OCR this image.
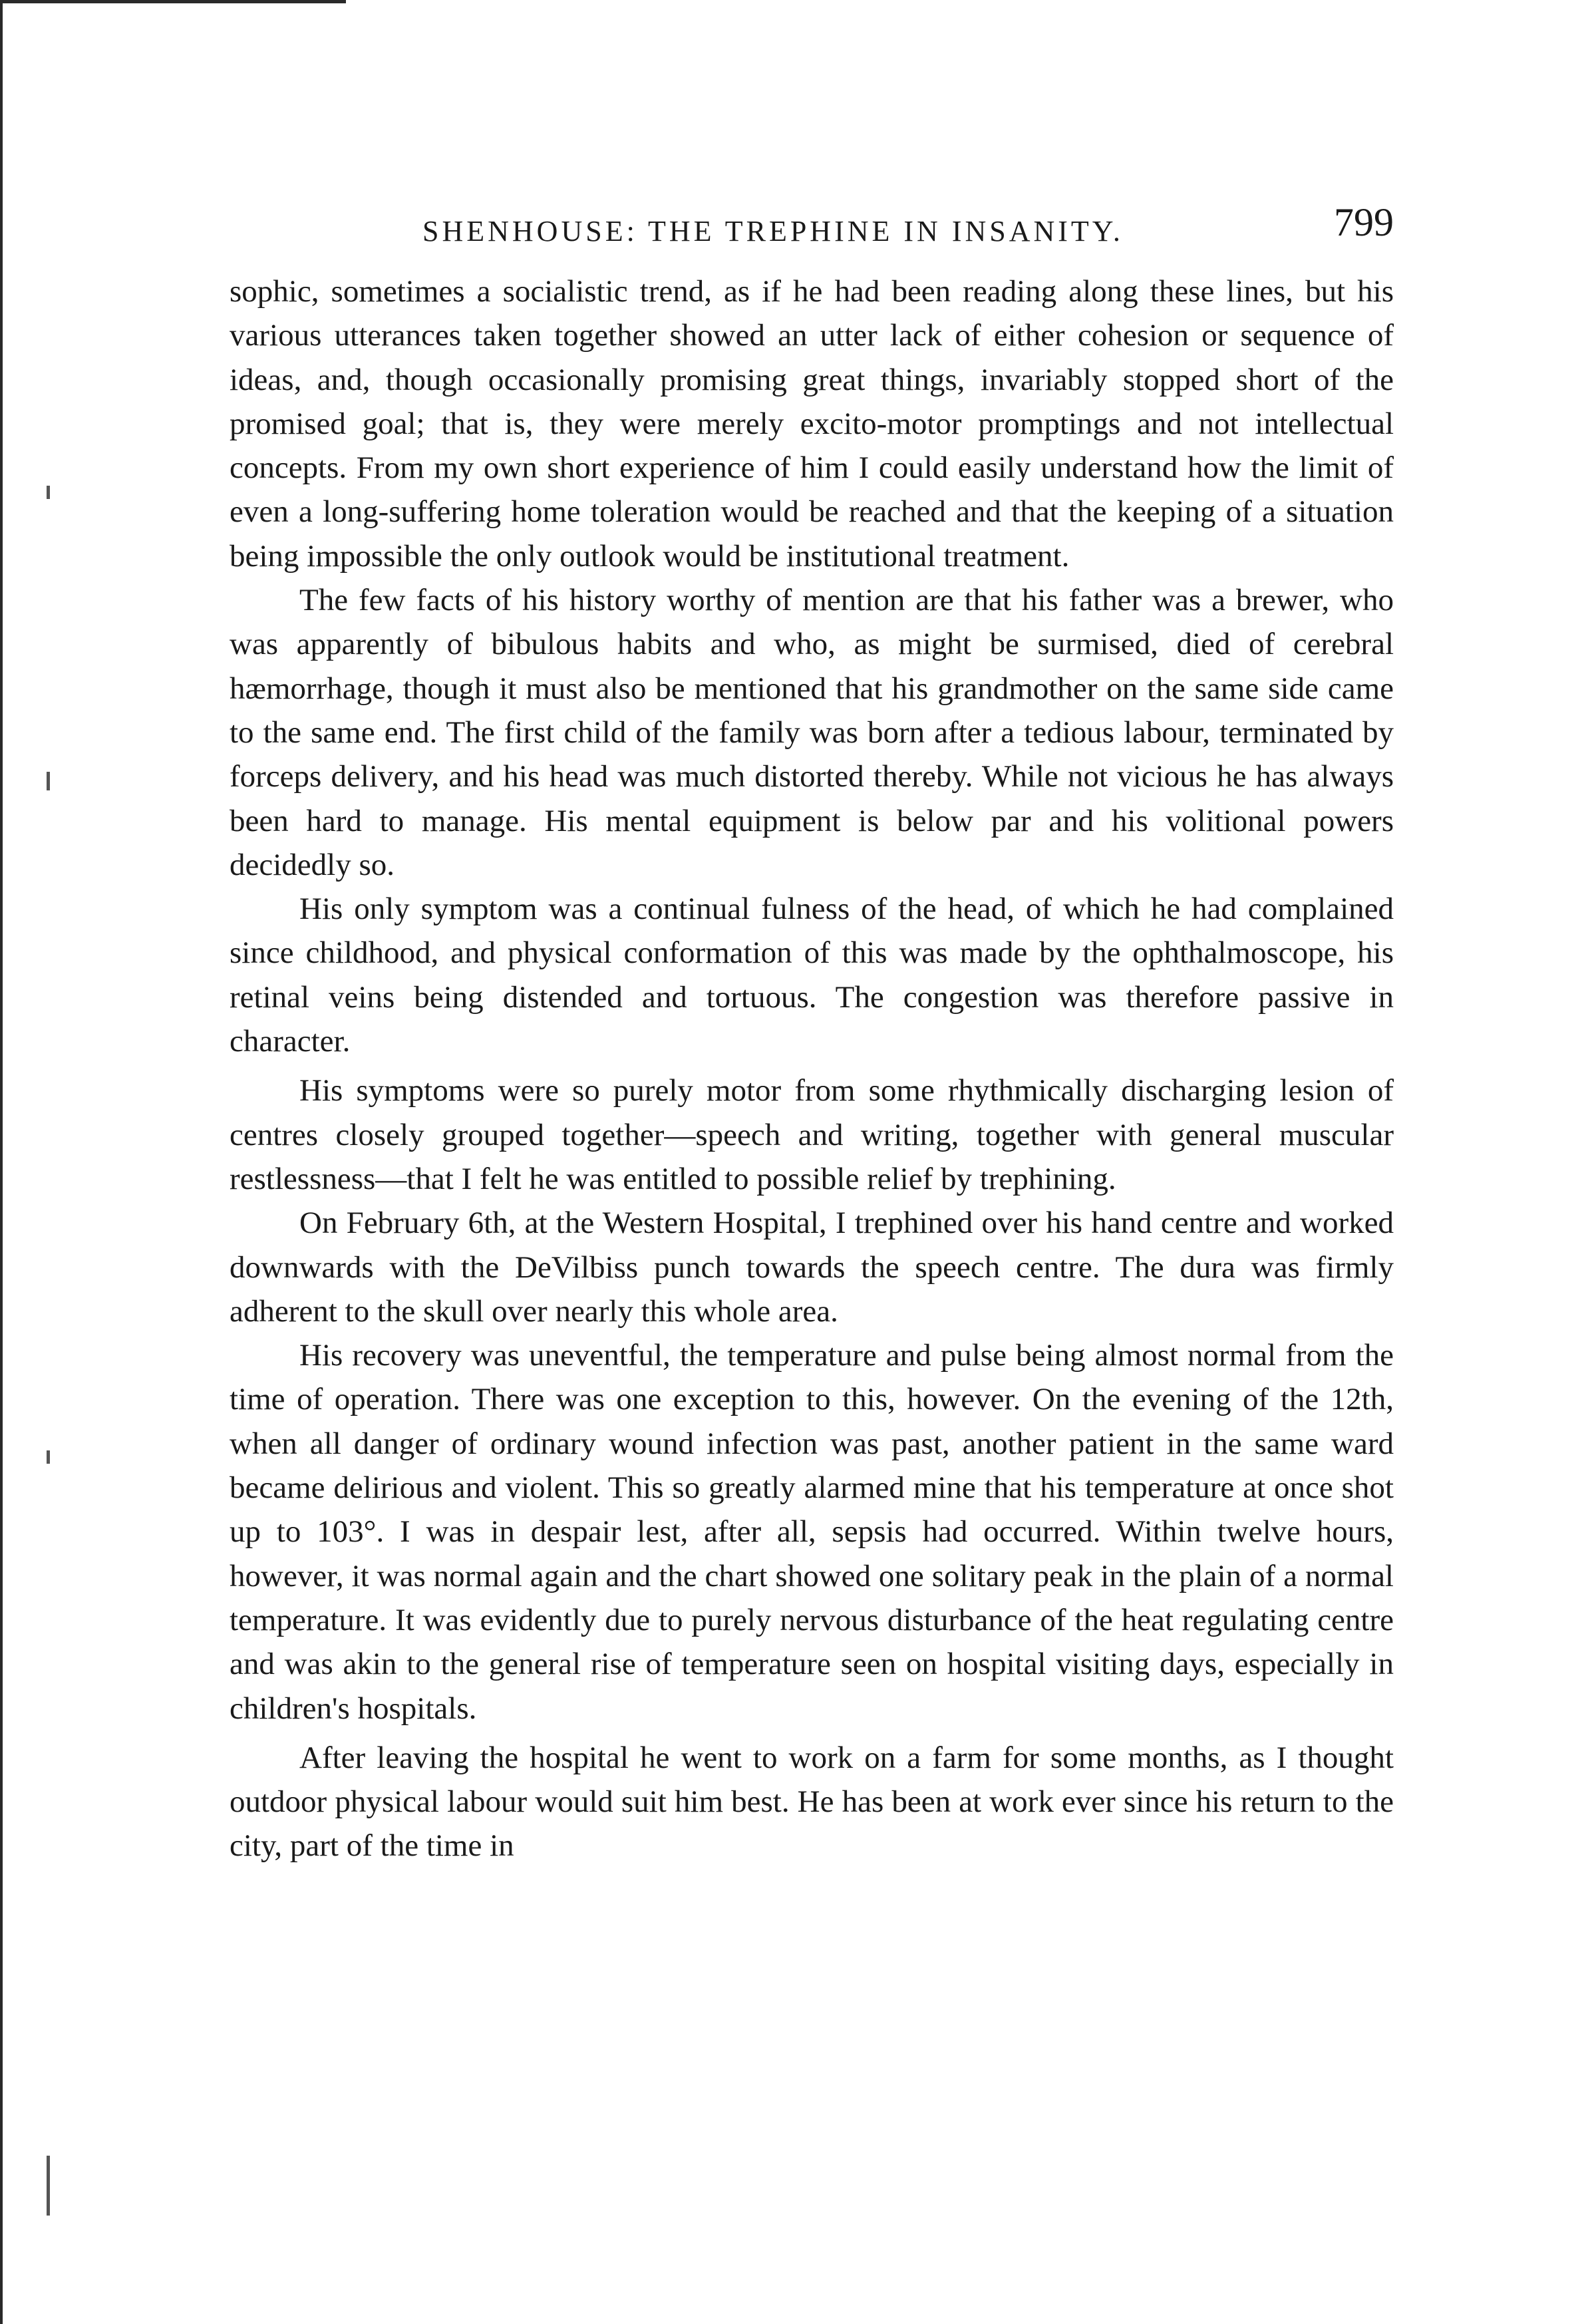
SHENHOUSE: THE TREPHINE IN INSANITY.	799

sophic, sometimes a socialistic trend, as if he had been reading along these lines, but his various utterances taken together showed an utter lack of either cohesion or sequence of ideas, and, though occasionally promising great things, invariably stopped short of the promised goal; that is, they were merely excito-motor promptings and not intellectual concepts. From my own short experience of him I could easily understand how the limit of even a long-suffering home toleration would be reached and that the keeping of a situation being impossible the only outlook would be institutional treatment.

The few facts of his history worthy of mention are that his father was a brewer, who was apparently of bibulous habits and who, as might be surmised, died of cerebral hæmorrhage, though it must also be mentioned that his grandmother on the same side came to the same end. The first child of the family was born after a tedious labour, terminated by forceps delivery, and his head was much distorted thereby. While not vicious he has always been hard to manage. His mental equipment is below par and his volitional powers decidedly so.

His only symptom was a continual fulness of the head, of which he had complained since childhood, and physical conformation of this was made by the ophthalmoscope, his retinal veins being distended and tortuous. The congestion was therefore passive in character.

His symptoms were so purely motor from some rhythmically discharging lesion of centres closely grouped together—speech and writing, together with general muscular restlessness—that I felt he was entitled to possible relief by trephining.

On February 6th, at the Western Hospital, I trephined over his hand centre and worked downwards with the DeVilbiss punch towards the speech centre. The dura was firmly adherent to the skull over nearly this whole area.

His recovery was uneventful, the temperature and pulse being almost normal from the time of operation. There was one exception to this, however. On the evening of the 12th, when all danger of ordinary wound infection was past, another patient in the same ward became delirious and violent. This so greatly alarmed mine that his temperature at once shot up to 103°. I was in despair lest, after all, sepsis had occurred. Within twelve hours, however, it was normal again and the chart showed one solitary peak in the plain of a normal temperature. It was evidently due to purely nervous disturbance of the heat regulating centre and was akin to the general rise of temperature seen on hospital visiting days, especially in children's hospitals.

After leaving the hospital he went to work on a farm for some months, as I thought outdoor physical labour would suit him best. He has been at work ever since his return to the city, part of the time in
